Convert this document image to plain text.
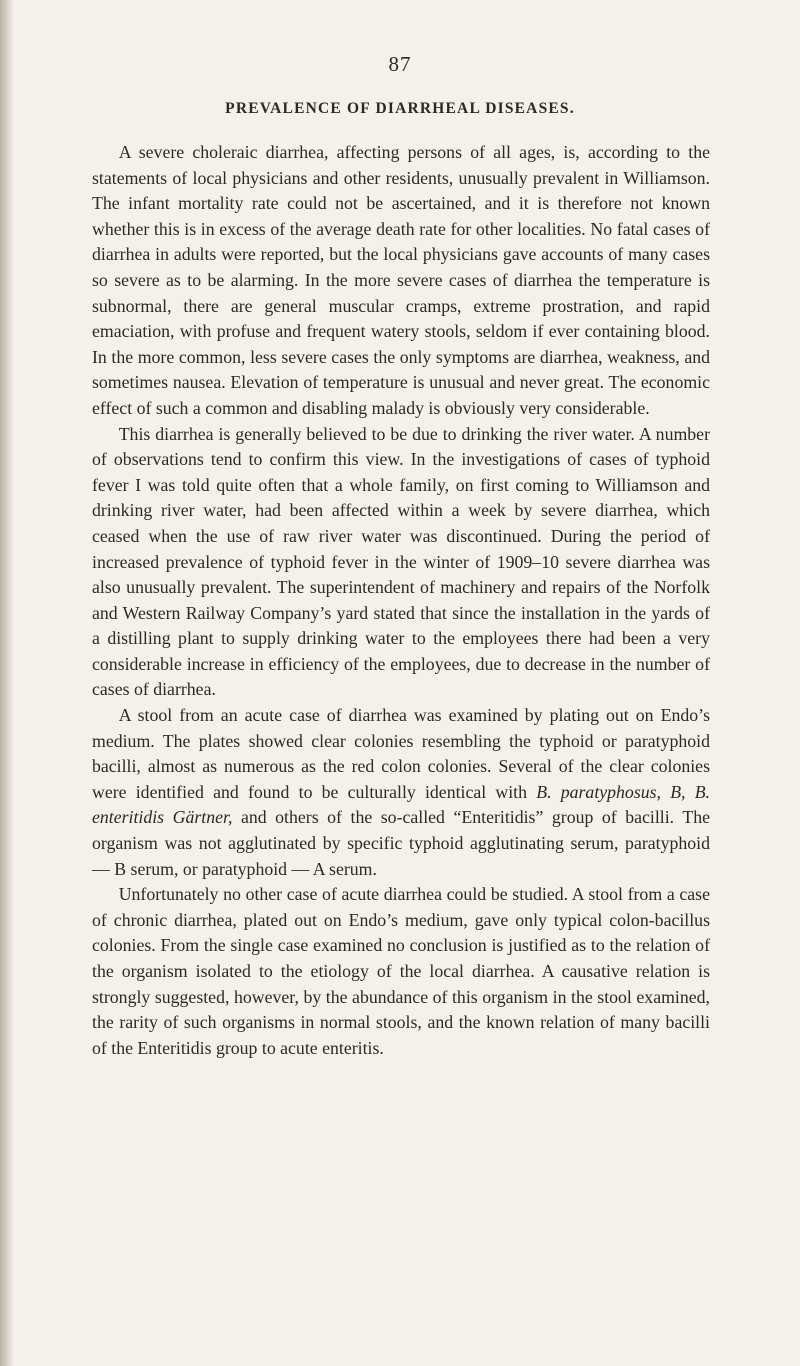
87
PREVALENCE OF DIARRHEAL DISEASES.

A severe choleraic diarrhea, affecting persons of all ages, is, according to the statements of local physicians and other residents, unusually prevalent in Williamson. The infant mortality rate could not be ascertained, and it is therefore not known whether this is in excess of the average death rate for other localities. No fatal cases of diarrhea in adults were reported, but the local physicians gave accounts of many cases so severe as to be alarming. In the more severe cases of diarrhea the temperature is subnormal, there are general muscular cramps, extreme prostration, and rapid emaciation, with profuse and frequent watery stools, seldom if ever containing blood. In the more common, less severe cases the only symptoms are diarrhea, weakness, and sometimes nausea. Elevation of temperature is unusual and never great. The economic effect of such a common and disabling malady is obviously very considerable.

This diarrhea is generally believed to be due to drinking the river water. A number of observations tend to confirm this view. In the investigations of cases of typhoid fever I was told quite often that a whole family, on first coming to Williamson and drinking river water, had been affected within a week by severe diarrhea, which ceased when the use of raw river water was discontinued. During the period of increased prevalence of typhoid fever in the winter of 1909–10 severe diarrhea was also unusually prevalent. The superintendent of machinery and repairs of the Norfolk and Western Railway Company’s yard stated that since the installation in the yards of a distilling plant to supply drinking water to the employees there had been a very considerable increase in efficiency of the employees, due to decrease in the number of cases of diarrhea.

A stool from an acute case of diarrhea was examined by plating out on Endo’s medium. The plates showed clear colonies resembling the typhoid or paratyphoid bacilli, almost as numerous as the red colon colonies. Several of the clear colonies were identified and found to be culturally identical with B. paratyphosus, B, B. enteritidis Gärtner, and others of the so-called “Enteritidis” group of bacilli. The organism was not agglutinated by specific typhoid agglutinating serum, paratyphoid — B serum, or paratyphoid — A serum.

Unfortunately no other case of acute diarrhea could be studied. A stool from a case of chronic diarrhea, plated out on Endo’s medium, gave only typical colon-bacillus colonies. From the single case examined no conclusion is justified as to the relation of the organism isolated to the etiology of the local diarrhea. A causative relation is strongly suggested, however, by the abundance of this organism in the stool examined, the rarity of such organisms in normal stools, and the known relation of many bacilli of the Enteritidis group to acute enteritis.
